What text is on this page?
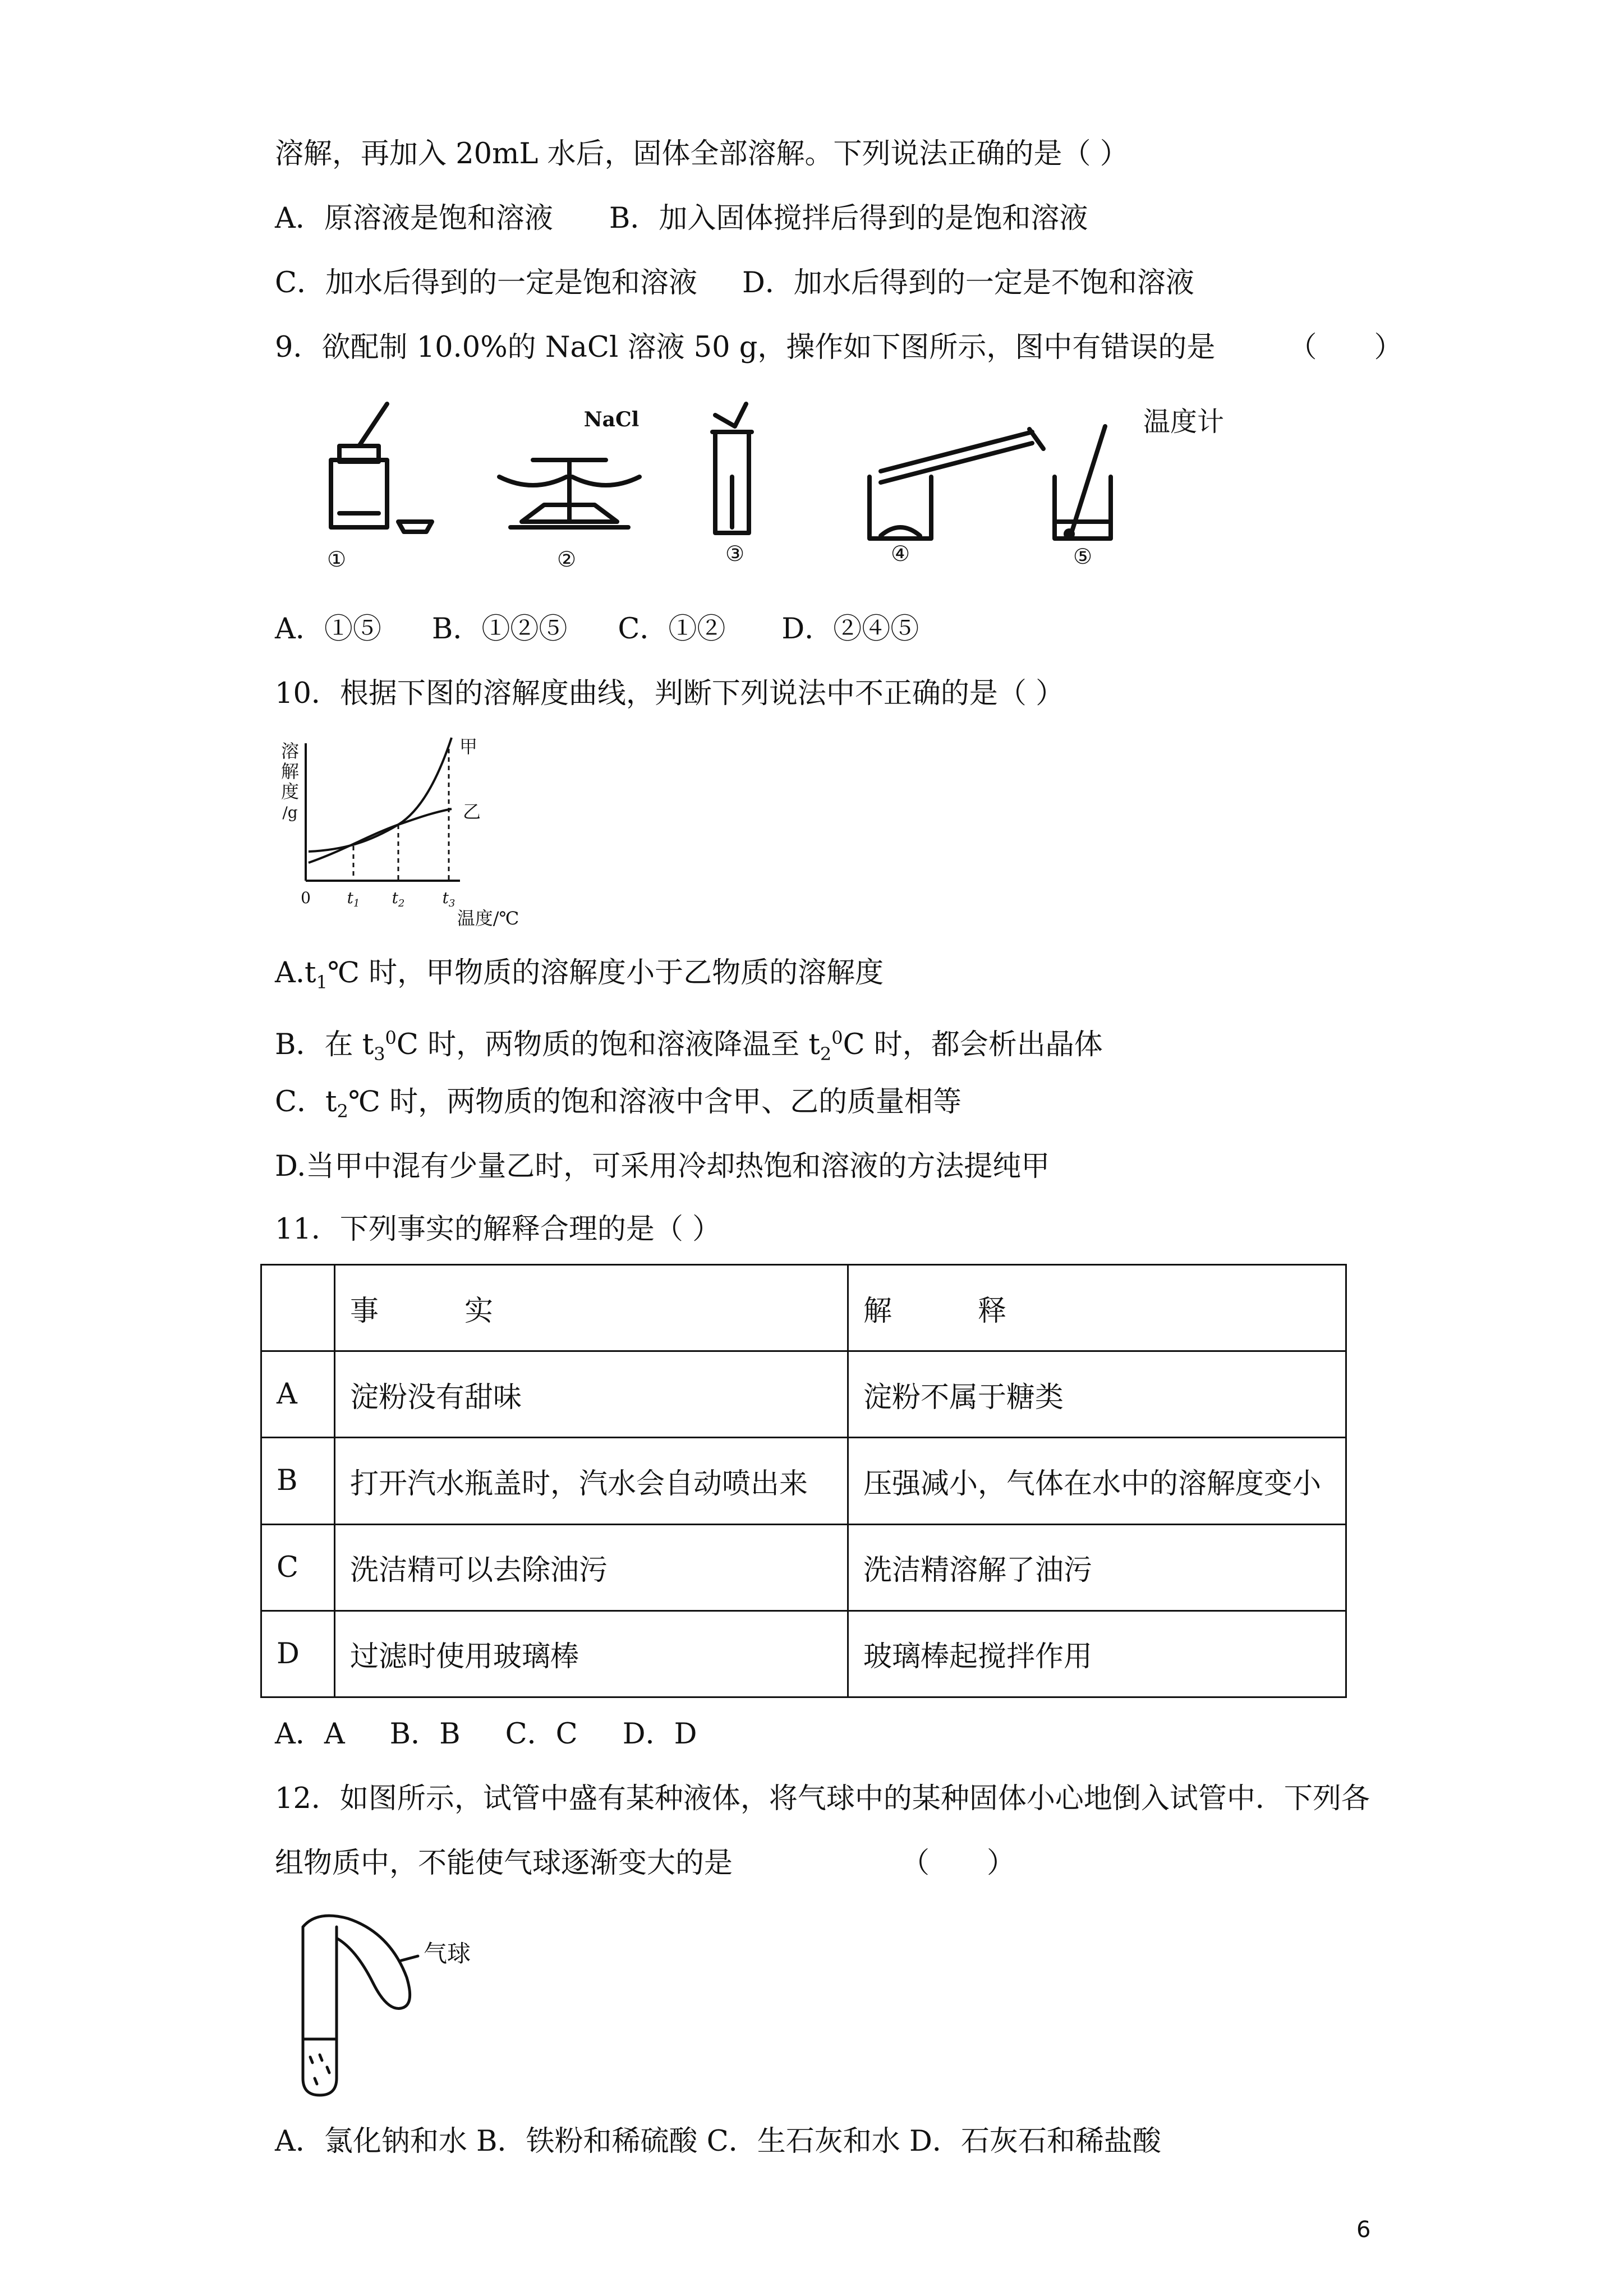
溶解，再加入 20mL 水后，固体全部溶解。下列说法正确的是（ ）
A．原溶液是饱和溶液 B．加入固体搅拌后得到的是饱和溶液
C．加水后得到的一定是饱和溶液 D．加水后得到的一定是不饱和溶液
9．欲配制 10.0%的 NaCl 溶液 50 g，操作如下图所示，图中有错误的是	（　　）
NaCl	温度计
①	②	③	④	⑤
A．①⑤ B．①②⑤ C．①② D．②④⑤
10．根据下图的溶解度曲线，判断下列说法中不正确的是（ ）
溶
解
度
/g
甲
乙
0 $t_1$ $t_2$ $t_3$
温度/℃
$A.t_1℃$ 时，甲物质的溶解度小于乙物质的溶解度
B．在 $t_3^0C$ 时，两物质的饱和溶液降温至 $t_2^0C$ 时，都会析出晶体
C．$t_2℃$ 时，两物质的饱和溶液中含甲、乙的质量相等
D.当甲中混有少量乙时，可采用冷却热饱和溶液的方法提纯甲
11．下列事实的解释合理的是（ ）
	事　　　实	解　　　释
A	淀粉没有甜味	淀粉不属于糖类
B	打开汽水瓶盖时，汽水会自动喷出来	压强减小，气体在水中的溶解度变小
C	洗洁精可以去除油污	洗洁精溶解了油污
D	过滤时使用玻璃棒	玻璃棒起搅拌作用
A．A B．B C．C D．D
12．如图所示，试管中盛有某种液体，将气球中的某种固体小心地倒入试管中．下列各
组物质中，不能使气球逐渐变大的是	（　　）
气球
A．氯化钠和水 B．铁粉和稀硫酸 C．生石灰和水 D．石灰石和稀盐酸
6
